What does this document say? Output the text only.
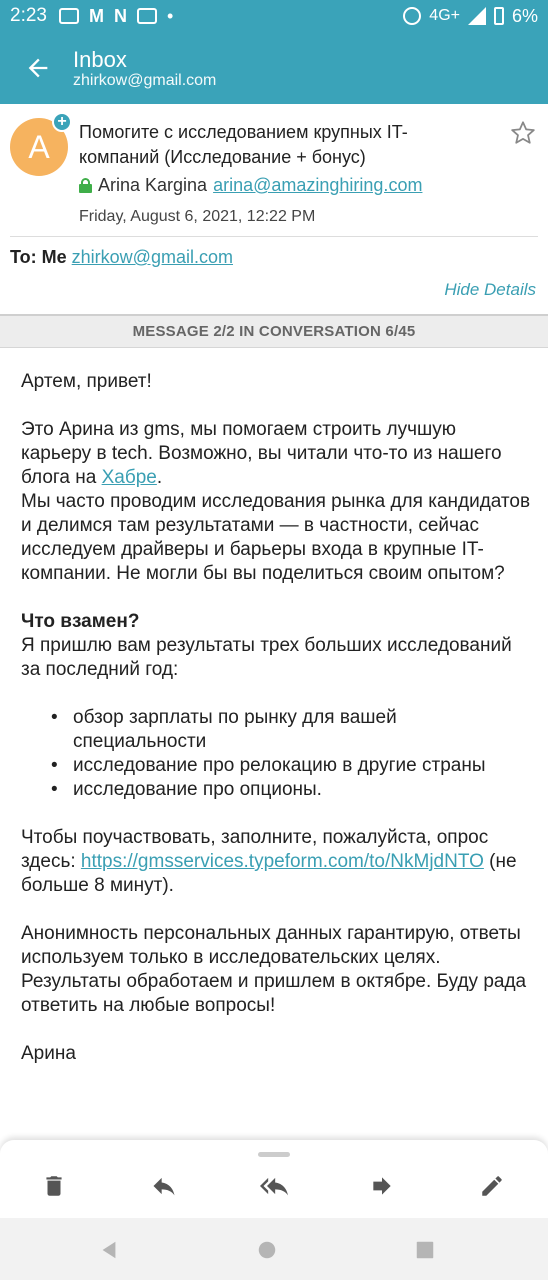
2:23 M N •	4G+	6%
Inbox
zhirkow@gmail.com
A
+
Помогите с исследованием крупных IT-компаний (Исследование + бонус)
Arina Kargina arina@amazinghiring.com
Friday, August 6, 2021, 12:22 PM
To: Me zhirkow@gmail.com
Hide Details
MESSAGE 2/2 IN CONVERSATION 6/45

Артем, привет!

Это Арина из gms, мы помогаем строить лучшую карьеру в tech. Возможно, вы читали что-то из нашего блога на Хабре.

Мы часто проводим исследования рынка для кандидатов и делимся там результатами — в частности, сейчас исследуем драйверы и барьеры входа в крупные IT-компании. Не могли бы вы поделиться своим опытом?

Что взамен?

Я пришлю вам результаты трех больших исследований за последний год:

• обзор зарплаты по рынку для вашей специальности
• исследование про релокацию в другие страны
• исследование про опционы.

Чтобы поучаствовать, заполните, пожалуйста, опрос здесь: https://gmsservices.typeform.com/to/NkMjdNTO (не больше 8 минут).

Анонимность персональных данных гарантирую, ответы используем только в исследовательских целях. Результаты обработаем и пришлем в октябре. Буду рада ответить на любые вопросы!

Арина
